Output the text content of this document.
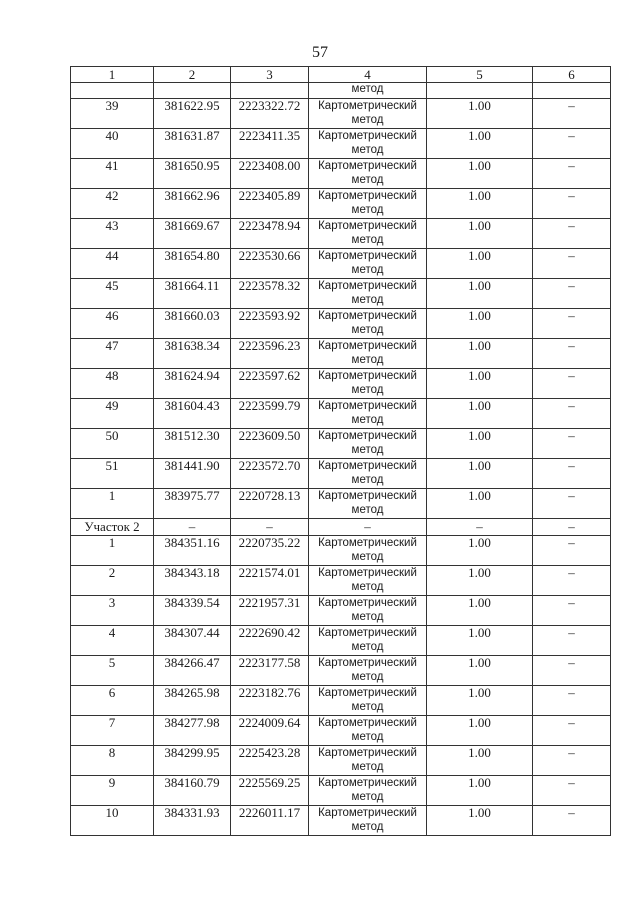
57
1	2	3	4	5	6
			метод		
39	381622.95	2223322.72	Картометрический метод	1.00	–
40	381631.87	2223411.35	Картометрический метод	1.00	–
41	381650.95	2223408.00	Картометрический метод	1.00	–
42	381662.96	2223405.89	Картометрический метод	1.00	–
43	381669.67	2223478.94	Картометрический метод	1.00	–
44	381654.80	2223530.66	Картометрический метод	1.00	–
45	381664.11	2223578.32	Картометрический метод	1.00	–
46	381660.03	2223593.92	Картометрический метод	1.00	–
47	381638.34	2223596.23	Картометрический метод	1.00	–
48	381624.94	2223597.62	Картометрический метод	1.00	–
49	381604.43	2223599.79	Картометрический метод	1.00	–
50	381512.30	2223609.50	Картометрический метод	1.00	–
51	381441.90	2223572.70	Картометрический метод	1.00	–
1	383975.77	2220728.13	Картометрический метод	1.00	–
Участок 2	–	–	–	–	–
1	384351.16	2220735.22	Картометрический метод	1.00	–
2	384343.18	2221574.01	Картометрический метод	1.00	–
3	384339.54	2221957.31	Картометрический метод	1.00	–
4	384307.44	2222690.42	Картометрический метод	1.00	–
5	384266.47	2223177.58	Картометрический метод	1.00	–
6	384265.98	2223182.76	Картометрический метод	1.00	–
7	384277.98	2224009.64	Картометрический метод	1.00	–
8	384299.95	2225423.28	Картометрический метод	1.00	–
9	384160.79	2225569.25	Картометрический метод	1.00	–
10	384331.93	2226011.17	Картометрический метод	1.00	–
